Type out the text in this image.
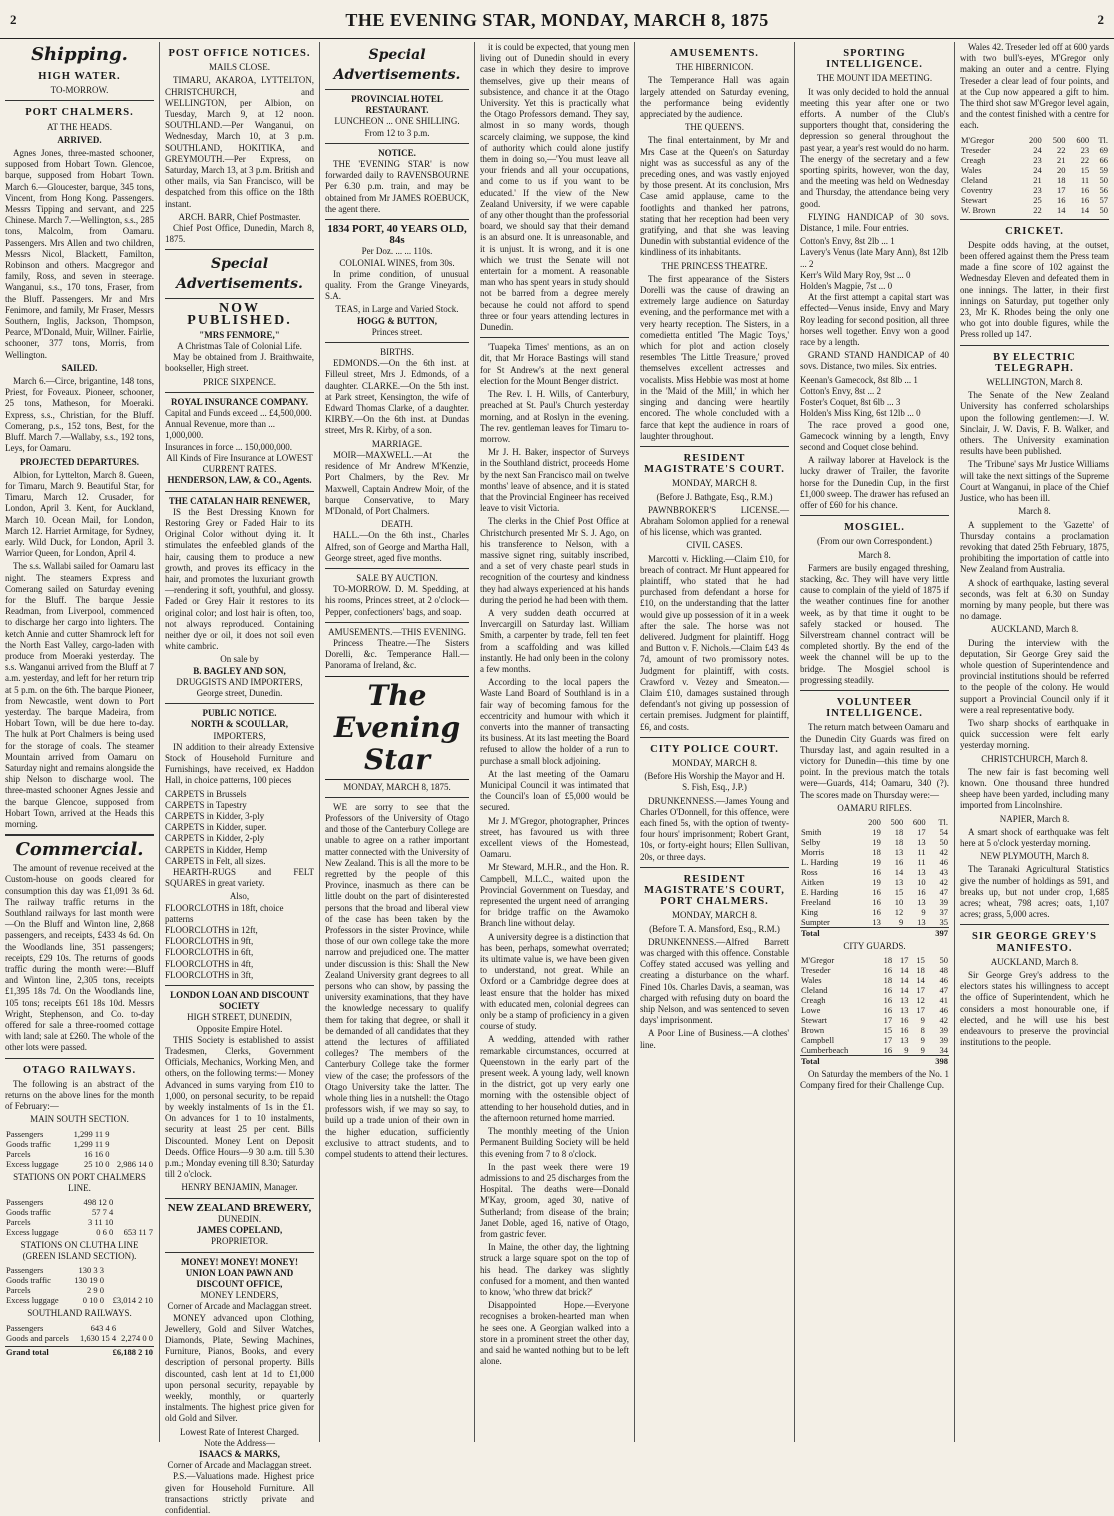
2	THE EVENING STAR, MONDAY, MARCH 8, 1875	2
Shipping.
HIGH WATER.
TO-MORROW.
PORT CHALMERS.
AT THE HEADS.
ARRIVED.
Agnes Jones, three-masted schooner, supposed from Hobart Town. Glencoe, barque, supposed from Hobart Town. March 6.—Gloucester, barque, 345 tons, Vincent, from Hong Kong. Passengers. Messrs Tipping and servant, and 225 Chinese. March 7.—Wellington, s.s., 285 tons, Malcolm, from Oamaru. Passengers. Mrs Allen and two children, Messrs Nicol, Blackett, Familton, Robinson and others. Macgregor and family, Ross, and seven in steerage. Wanganui, s.s., 170 tons, Fraser, from the Bluff. Passengers. Mr and Mrs Fenimore, and family, Mr Fraser, Messrs Southern, Inglis, Jackson, Thompson, Pearce, M'Donald, Muir, Willner. Fairlie, schooner, 377 tons, Morris, from Wellington.
SAILED.
March 6.—Circe, brigantine, 148 tons, Priest, for Foveaux. Pioneer, schooner, 25 tons, Matheson, for Moeraki. Express, s.s., Christian, for the Bluff. Comerang, p.s., 152 tons, Best, for the Bluff. March 7.—Wallaby, s.s., 192 tons, Leys, for Oamaru.
PROJECTED DEPARTURES.
Albion, for Lyttelton, March 8. Gueen, for Timaru, March 9. Beautiful Star, for Timaru, March 12. Crusader, for London, April 3. Kent, for Auckland, March 10. Ocean Mail, for London, March 12. Harriet Armitage, for Sydney, early. Wild Duck, for London, April 3. Warrior Queen, for London, April 4.
The s.s. Wallabi sailed for Oamaru last night. The steamers Express and Comerang sailed on Saturday evening for the Bluff. The barque Jessie Readman, from Liverpool, commenced to discharge her cargo into lighters. The ketch Annie and cutter Shamrock left for the North East Valley, cargo-laden with produce from Moeraki yesterday. The s.s. Wanganui arrived from the Bluff at 7 a.m. yesterday, and left for her return trip at 5 p.m. on the 6th. The barque Pioneer, from Newcastle, went down to Port yesterday. The barque Madeira, from Hobart Town, will be due here to-day. The hulk at Port Chalmers is being used for the storage of coals. The steamer Mountain arrived from Oamaru on Saturday night and remains alongside the ship Nelson to discharge wool. The three-masted schooner Agnes Jessie and the barque Glencoe, supposed from Hobart Town, arrived at the Heads this morning.
Commercial.
The amount of revenue received at the Custom-house on goods cleared for consumption this day was £1,091 3s 6d. The railway traffic returns in the Southland railways for last month were—On the Bluff and Winton line, 2,868 passengers, and receipts, £433 4s 6d. On the Woodlands line, 351 passengers; receipts, £29 10s. The returns of goods traffic during the month were:—Bluff and Winton line, 2,305 tons, receipts £1,395 18s 7d. On the Woodlands line, 105 tons; receipts £61 18s 10d. Messrs Wright, Stephenson, and Co. to-day offered for sale a three-roomed cottage with land; sale at £260. The whole of the other lots were passed.
OTAGO RAILWAYS.
The following is an abstract of the returns on the above lines for the month of February:—
MAIN SOUTH SECTION.
Passengers	1,299 11 9	
Goods traffic	1,299 11 9	
Parcels	16 16 0	
Excess luggage	25 10 0	2,986 14 0
STATIONS ON PORT CHALMERS LINE.
Passengers	498 12 0	
Goods traffic	57 7 4	
Parcels	3 11 10	
Excess luggage	0 6 0	653 11 7
STATIONS ON CLUTHA LINE (GREEN ISLAND SECTION).
Passengers	130 3 3	
Goods traffic	130 19 0	
Parcels	2 9 0	
Excess luggage	0 10 0	£3,014 2 10
SOUTHLAND RAILWAYS.
Passengers	643 4 6	
Goods and parcels	1,630 15 4	2,274 0 0
Grand total	£6,188 2 10
POST OFFICE NOTICES.
MAILS CLOSE.
TIMARU, AKAROA, LYTTELTON, CHRISTCHURCH, and WELLINGTON, per Albion, on Tuesday, March 9, at 12 noon. SOUTHLAND.—Per Wanganui, on Wednesday, March 10, at 3 p.m. SOUTHLAND, HOKITIKA, and GREYMOUTH.—Per Express, on Saturday, March 13, at 3 p.m. British and other mails, via San Francisco, will be despatched from this office on the 18th instant.
ARCH. BARR, Chief Postmaster.
Chief Post Office, Dunedin, March 8, 1875.
Special Advertisements.
NOW PUBLISHED.
"MRS FENMORE,"
A Christmas Tale of Colonial Life.
May be obtained from J. Braithwaite, bookseller, High street.
PRICE SIXPENCE.
ROYAL INSURANCE COMPANY.
Capital and Funds exceed ... £4,500,000.
Annual Revenue, more than ... 1,000,000.
Insurances in force ... 150,000,000.
All Kinds of Fire Insurance at LOWEST CURRENT RATES.
HENDERSON, LAW, & CO., Agents.
THE CATALAN HAIR RENEWER,
IS the Best Dressing Known for Restoring Grey or Faded Hair to its Original Color without dying it. It stimulates the enfeebled glands of the hair, causing them to produce a new growth, and proves its efficacy in the hair, and promotes the luxuriant growth—rendering it soft, youthful, and glossy. Faded or Grey Hair it restores to its original color; and lost hair is often, too, not always reproduced. Containing neither dye or oil, it does not soil even white cambric.
On sale by
B. BAGLEY AND SON,
DRUGGISTS AND IMPORTERS,
George street, Dunedin.
PUBLIC NOTICE.
NORTH & SCOULLAR,
IMPORTERS,
IN addition to their already Extensive Stock of Household Furniture and Furnishings, have received, ex Haddon Hall, in choice patterns, 100 pieces
CARPETS in Brussels
CARPETS in Tapestry
CARPETS in Kidder, 3-ply
CARPETS in Kidder, super.
CARPETS in Kidder, 2-ply
CARPETS in Kidder, Hemp
CARPETS in Felt, all sizes.
HEARTH-RUGS and FELT SQUARES in great variety.
Also,
FLOORCLOTHS in 18ft, choice patterns
FLOORCLOTHS in 12ft,
FLOORCLOTHS in 9ft,
FLOORCLOTHS in 6ft,
FLOORCLOTHS in 4ft,
FLOORCLOTHS in 3ft,
LONDON LOAN AND DISCOUNT SOCIETY
HIGH STREET, DUNEDIN,
Opposite Empire Hotel.
THIS Society is established to assist Tradesmen, Clerks, Government Officials, Mechanics, Working Men, and others, on the following terms:— Money Advanced in sums varying from £10 to 1,000, on personal security, to be repaid by weekly instalments of 1s in the £1. On advances for 1 to 10 instalments, security at least 25 per cent. Bills Discounted. Money Lent on Deposit Deeds. Office Hours—9 30 a.m. till 5.30 p.m.; Monday evening till 8.30; Saturday till 2 o'clock.
HENRY BENJAMIN, Manager.
NEW ZEALAND BREWERY,
DUNEDIN.
JAMES COPELAND,
PROPRIETOR.
MONEY! MONEY! MONEY!
UNION LOAN PAWN AND DISCOUNT OFFICE,
MONEY LENDERS,
Corner of Arcade and Maclaggan street.
MONEY advanced upon Clothing, Jewellery, Gold and Silver Watches, Diamonds, Plate, Sewing Machines, Furniture, Pianos, Books, and every description of personal property. Bills discounted, cash lent at 1d to £1,000 upon personal security, repayable by weekly, monthly, or quarterly instalments. The highest price given for old Gold and Silver.
Lowest Rate of Interest Charged.
Note the Address—
ISAACS & MARKS,
Corner of Arcade and Maclaggan street.
P.S.—Valuations made. Highest price given for Household Furniture. All transactions strictly private and confidential.
Special Advertisements.
PROVINCIAL HOTEL RESTAURANT.
LUNCHEON ... ONE SHILLING.
From 12 to 3 p.m.
NOTICE.
THE 'EVENING STAR' is now forwarded daily to RAVENSBOURNE Per 6.30 p.m. train, and may be obtained from Mr JAMES ROEBUCK, the agent there.
1834 PORT, 40 YEARS OLD, 84s
Per Doz. ... ... 110s.
COLONIAL WINES, from 30s.
In prime condition, of unusual quality. From the Grange Vineyards, S.A.
TEAS, in Large and Varied Stock.
HOGG & BUTTON,
Princes street.
BIRTHS.
EDMONDS.—On the 6th inst. at Filleul street, Mrs J. Edmonds, of a daughter. CLARKE.—On the 5th inst. at Park street, Kensington, the wife of Edward Thomas Clarke, of a daughter. KIRBY.—On the 6th inst. at Dundas street, Mrs R. Kirby, of a son.
MARRIAGE.
MOIR—MAXWELL.—At the residence of Mr Andrew M'Kenzie, Port Chalmers, by the Rev. Mr Maxwell, Captain Andrew Moir, of the barque Conservative, to Mary M'Donald, of Port Chalmers.
DEATH.
HALL.—On the 6th inst., Charles Alfred, son of George and Martha Hall, George street, aged five months.
SALE BY AUCTION.
TO-MORROW. D. M. Spedding, at his rooms, Princes street, at 2 o'clock—Pepper, confectioners' bags, and soap.
AMUSEMENTS.—THIS EVENING.
Princess Theatre.—The Sisters Dorelli, &c. Temperance Hall.—Panorama of Ireland, &c.
The Evening Star
MONDAY, MARCH 8, 1875.
WE are sorry to see that the Professors of the University of Otago and those of the Canterbury College are unable to agree on a rather important matter connected with the University of New Zealand. This is all the more to be regretted by the people of this Province, inasmuch as there can be little doubt on the part of disinterested persons that the broad and liberal view of the case has been taken by the Professors in the sister Province, while those of our own college take the more narrow and prejudiced one. The matter under discussion is this: Shall the New Zealand University grant degrees to all persons who can show, by passing the university examinations, that they have the knowledge necessary to qualify them for taking that degree, or shall it be demanded of all candidates that they attend the lectures of affiliated colleges? The members of the Canterbury College take the former view of the case; the professors of the Otago University take the latter. The whole thing lies in a nutshell: the Otago professors wish, if we may so say, to build up a trade union of their own in the higher education, sufficiently exclusive to attract students, and to compel students to attend their lectures.
it is could be expected, that young men living out of Dunedin should in every case in which they desire to improve themselves, give up their means of subsistence, and chance it at the Otago University. Yet this is practically what the Otago Professors demand. They say, almost in so many words, though scarcely claiming, we suppose, the kind of authority which could alone justify them in doing so,—'You must leave all your friends and all your occupations, and come to us if you want to be educated.' If the view of the New Zealand University, if we were capable of any other thought than the professorial board, we should say that their demand is an absurd one. It is unreasonable, and it is unjust. It is wrong, and it is one which we trust the Senate will not entertain for a moment. A reasonable man who has spent years in study should not be barred from a degree merely because he could not afford to spend three or four years attending lectures in Dunedin.
'Tuapeka Times' mentions, as an on dit, that Mr Horace Bastings will stand for St Andrew's at the next general election for the Mount Benger district.
The Rev. I. H. Wills, of Canterbury, preached at St. Paul's Church yesterday morning, and at Roslyn in the evening. The rev. gentleman leaves for Timaru to-morrow.
Mr J. H. Baker, inspector of Surveys in the Southland district, proceeds Home by the next San Francisco mail on twelve months' leave of absence, and it is stated that the Provincial Engineer has received leave to visit Victoria.
The clerks in the Chief Post Office at Christchurch presented Mr S. J. Ago, on his transference to Nelson, with a massive signet ring, suitably inscribed, and a set of very chaste pearl studs in recognition of the courtesy and kindness they had always experienced at his hands during the period he had been with them.
A very sudden death occurred at Invercargill on Saturday last. William Smith, a carpenter by trade, fell ten feet from a scaffolding and was killed instantly. He had only been in the colony a few months.
According to the local papers the Waste Land Board of Southland is in a fair way of becoming famous for the eccentricity and humour with which it converts into the manner of transacting its business. At its last meeting the Board refused to allow the holder of a run to purchase a small block adjoining.
At the last meeting of the Oamaru Municipal Council it was intimated that the Council's loan of £5,000 would be secured.
Mr J. M'Gregor, photographer, Princes street, has favoured us with three excellent views of the Homestead, Oamaru.
Mr Steward, M.H.R., and the Hon. R. Campbell, M.L.C., waited upon the Provincial Government on Tuesday, and represented the urgent need of arranging for bridge traffic on the Awamoko Branch line without delay.
A university degree is a distinction that has been, perhaps, somewhat overrated; its ultimate value is, we have been given to understand, not great. While an Oxford or a Cambridge degree does at least ensure that the holder has mixed with educated men, colonial degrees can only be a stamp of proficiency in a given course of study.
A wedding, attended with rather remarkable circumstances, occurred at Queenstown in the early part of the present week. A young lady, well known in the district, got up very early one morning with the ostensible object of attending to her household duties, and in the afternoon returned home married.
The monthly meeting of the Union Permanent Building Society will be held this evening from 7 to 8 o'clock.
In the past week there were 19 admissions to and 25 discharges from the Hospital. The deaths were—Donald M'Kay, groom, aged 30, native of Sutherland; from disease of the brain; Janet Doble, aged 16, native of Otago, from gastric fever.
In Maine, the other day, the lightning struck a large square spot on the top of his head. The darkey was slightly confused for a moment, and then wanted to know, 'who threw dat brick?'
Disappointed Hope.—Everyone recognises a broken-hearted man when he sees one. A Georgian walked into a store in a prominent street the other day, and said he wanted nothing but to be left alone.
AMUSEMENTS.
THE HIBERNICON.
The Temperance Hall was again largely attended on Saturday evening, the performance being evidently appreciated by the audience.
THE QUEEN'S.
The final entertainment, by Mr and Mrs Case at the Queen's on Saturday night was as successful as any of the preceding ones, and was vastly enjoyed by those present. At its conclusion, Mrs Case amid applause, came to the footlights and thanked her patrons, stating that her reception had been very gratifying, and that she was leaving Dunedin with substantial evidence of the kindliness of its inhabitants.
THE PRINCESS THEATRE.
The first appearance of the Sisters Dorelli was the cause of drawing an extremely large audience on Saturday evening, and the performance met with a very hearty reception. The Sisters, in a comedietta entitled 'The Magic Toys,' which for plot and action closely resembles 'The Little Treasure,' proved themselves excellent actresses and vocalists. Miss Hebbie was most at home in the 'Maid of the Mill,' in which her singing and dancing were heartily encored. The whole concluded with a farce that kept the audience in roars of laughter throughout.
RESIDENT MAGISTRATE'S COURT.
MONDAY, MARCH 8.
(Before J. Bathgate, Esq., R.M.)
PAWNBROKER'S LICENSE.—Abraham Solomon applied for a renewal of his license, which was granted.
CIVIL CASES.
Marcotti v. Hickling.—Claim £10, for breach of contract. Mr Hunt appeared for plaintiff, who stated that he had purchased from defendant a horse for £10, on the understanding that the latter would give up possession of it in a week after the sale. The horse was not delivered. Judgment for plaintiff. Hogg and Button v. F. Nichols.—Claim £43 4s 7d, amount of two promissory notes. Judgment for plaintiff, with costs. Crawford v. Vezey and Smeaton.—Claim £10, damages sustained through defendant's not giving up possession of certain premises. Judgment for plaintiff, £6, and costs.
CITY POLICE COURT.
MONDAY, MARCH 8.
(Before His Worship the Mayor and H. S. Fish, Esq., J.P.)
DRUNKENNESS.—James Young and Charles O'Donnell, for this offence, were each fined 5s, with the option of twenty-four hours' imprisonment; Robert Grant, 10s, or forty-eight hours; Ellen Sullivan, 20s, or three days.
RESIDENT MAGISTRATE'S COURT, PORT CHALMERS.
MONDAY, MARCH 8.
(Before T. A. Mansford, Esq., R.M.)
DRUNKENNESS.—Alfred Barrett was charged with this offence. Constable Coffey stated accused was yelling and creating a disturbance on the wharf. Fined 10s. Charles Davis, a seaman, was charged with refusing duty on board the ship Nelson, and was sentenced to seven days' imprisonment.
A Poor Line of Business.—A clothes' line.
SPORTING INTELLIGENCE.
THE MOUNT IDA MEETING.
It was only decided to hold the annual meeting this year after one or two efforts. A number of the Club's supporters thought that, considering the depression so general throughout the past year, a year's rest would do no harm. The energy of the secretary and a few sporting spirits, however, won the day, and the meeting was held on Wednesday and Thursday, the attendance being very good.
FLYING HANDICAP of 30 sovs. Distance, 1 mile. Four entries.
Cotton's Envy, 8st 2lb ... 1
Lavery's Venus (late Mary Ann), 8st 12lb ... 2
Kerr's Wild Mary Roy, 9st ... 0
Holden's Magpie, 7st ... 0
At the first attempt a capital start was effected—Venus inside, Envy and Mary Roy leading for second position, all three horses well together. Envy won a good race by a length.
GRAND STAND HANDICAP of 40 sovs. Distance, two miles. Six entries.
Keenan's Gamecock, 8st 8lb ... 1
Cotton's Envy, 8st ... 2
Foster's Coquet, 8st 6lb ... 3
Holden's Miss King, 6st 12lb ... 0
The race proved a good one, Gamecock winning by a length, Envy second and Coquet close behind.
A railway laborer at Havelock is the lucky drawer of Trailer, the favorite horse for the Dunedin Cup, in the first £1,000 sweep. The drawer has refused an offer of £60 for his chance.
MOSGIEL.
(From our own Correspondent.)
March 8.
Farmers are busily engaged threshing, stacking, &c. They will have very little cause to complain of the yield of 1875 if the weather continues fine for another week, as by that time it ought to be safely stacked or housed. The Silverstream channel contract will be completed shortly. By the end of the week the channel will be up to the bridge. The Mosgiel school is progressing steadily.
VOLUNTEER INTELLIGENCE.
The return match between Oamaru and the Dunedin City Guards was fired on Thursday last, and again resulted in a victory for Dunedin—this time by one point. In the previous match the totals were—Guards, 414; Oamaru, 340 (?). The scores made on Thursday were:—
OAMARU RIFLES.
	200	500	600	Tl.
Smith	19	18	17	54
Selby	19	18	13	50
Morris	18	13	11	42
L. Harding	19	16	11	46
Ross	16	14	13	43
Aitken	19	13	10	42
E. Harding	16	15	16	47
Freeland	16	10	13	39
King	16	12	9	37
Sumpter	13	9	13	35
Total				397
CITY GUARDS.
M'Gregor	18	17	15	50
Treseder	16	14	18	48
Wales	18	14	14	46
Cleland	16	14	17	47
Creagh	16	13	12	41
Lowe	16	13	17	46
Stewart	17	16	9	42
Brown	15	16	8	39
Campbell	17	13	9	39
Cumberbeach	16	9	9	34
Total				398
On Saturday the members of the No. 1 Company fired for their Challenge Cup.
Wales 42. Treseder led off at 600 yards with two bull's-eyes, M'Gregor only making an outer and a centre. Flying Treseder a clear lead of four points, and at the Cup now appeared a gift to him. The third shot saw M'Gregor level again, and the contest finished with a centre for each.
M'Gregor	200	500	600	Tl.
Treseder	24	22	23	69
Creagh	23	21	22	66
Wales	24	20	15	59
Cleland	21	18	11	50
Coventry	23	17	16	56
Stewart	25	16	16	57
W. Brown	22	14	14	50
CRICKET.
Despite odds having, at the outset, been offered against them the Press team made a fine score of 102 against the Wednesday Eleven and defeated them in one innings. The latter, in their first innings on Saturday, put together only 23, Mr K. Rhodes being the only one who got into double figures, while the Press rolled up 147.
BY ELECTRIC TELEGRAPH.
WELLINGTON, March 8.
The Senate of the New Zealand University has conferred scholarships upon the following gentlemen:—J. W. Sinclair, J. W. Davis, F. B. Walker, and others. The University examination results have been published.
The 'Tribune' says Mr Justice Williams will take the next sittings of the Supreme Court at Wanganui, in place of the Chief Justice, who has been ill.
March 8.
A supplement to the 'Gazette' of Thursday contains a proclamation revoking that dated 25th February, 1875, prohibiting the importation of cattle into New Zealand from Australia.
A shock of earthquake, lasting several seconds, was felt at 6.30 on Sunday morning by many people, but there was no damage.
AUCKLAND, March 8.
During the interview with the deputation, Sir George Grey said the whole question of Superintendence and provincial institutions should be referred to the people of the colony. He would support a Provincial Council only if it were a real representative body.
Two sharp shocks of earthquake in quick succession were felt early yesterday morning.
CHRISTCHURCH, March 8.
The new fair is fast becoming well known. One thousand three hundred sheep have been yarded, including many imported from Lincolnshire.
NAPIER, March 8.
A smart shock of earthquake was felt here at 5 o'clock yesterday morning.
NEW PLYMOUTH, March 8.
The Taranaki Agricultural Statistics give the number of holdings as 591, and breaks up, but not under crop, 1,685 acres; wheat, 798 acres; oats, 1,107 acres; grass, 5,000 acres.
SIR GEORGE GREY'S MANIFESTO.
AUCKLAND, March 8.
Sir George Grey's address to the electors states his willingness to accept the office of Superintendent, which he considers a most honourable one, if elected, and he will use his best endeavours to preserve the provincial institutions to the people.
